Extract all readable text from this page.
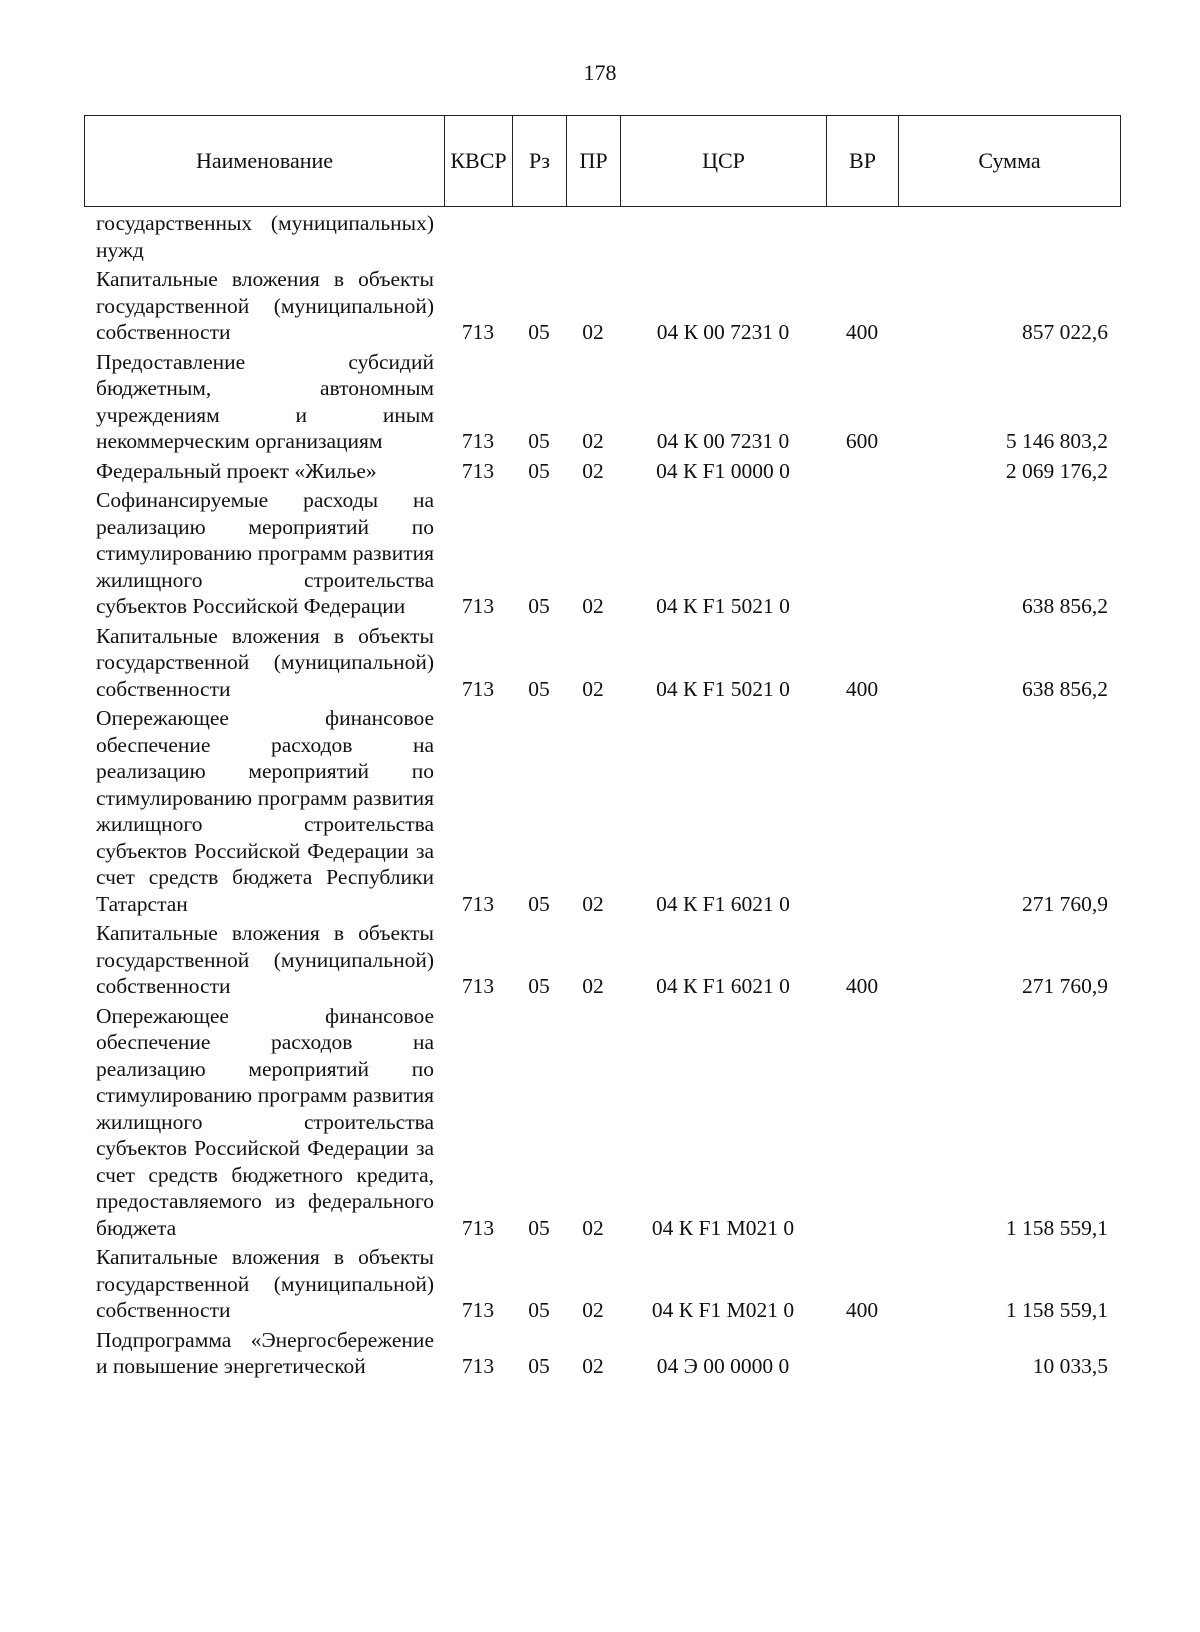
178
Наименование	КВСР	Рз	ПР	ЦСР	ВР	Сумма
государственных (муниципальных) нужд						

Капитальные вложения в объекты государственной (муниципальной) собственности	713	05	02	04 К 00 7231 0	400	857 022,6

Предоставление субсидий бюджетным, автономным учреждениям и иным некоммерческим организациям	713	05	02	04 К 00 7231 0	600	5 146 803,2

Федеральный проект «Жилье»	713	05	02	04 К F1 0000 0		2 069 176,2

Софинансируемые расходы на реализацию мероприятий по стимулированию программ развития жилищного строительства субъектов Российской Федерации	713	05	02	04 К F1 5021 0		638 856,2

Капитальные вложения в объекты государственной (муниципальной) собственности	713	05	02	04 К F1 5021 0	400	638 856,2

Опережающее финансовое обеспечение расходов на реализацию мероприятий по стимулированию программ развития жилищного строительства субъектов Российской Федерации за счет средств бюджета Республики Татарстан	713	05	02	04 К F1 6021 0		271 760,9

Капитальные вложения в объекты государственной (муниципальной) собственности	713	05	02	04 К F1 6021 0	400	271 760,9

Опережающее финансовое обеспечение расходов на реализацию мероприятий по стимулированию программ развития жилищного строительства субъектов Российской Федерации за счет средств бюджетного кредита, предоставляемого из федерального бюджета	713	05	02	04 К F1 М021 0		1 158 559,1

Капитальные вложения в объекты государственной (муниципальной) собственности	713	05	02	04 К F1 М021 0	400	1 158 559,1

Подпрограмма «Энергосбережение и повышение энергетической	713	05	02	04 Э 00 0000 0		10 033,5
